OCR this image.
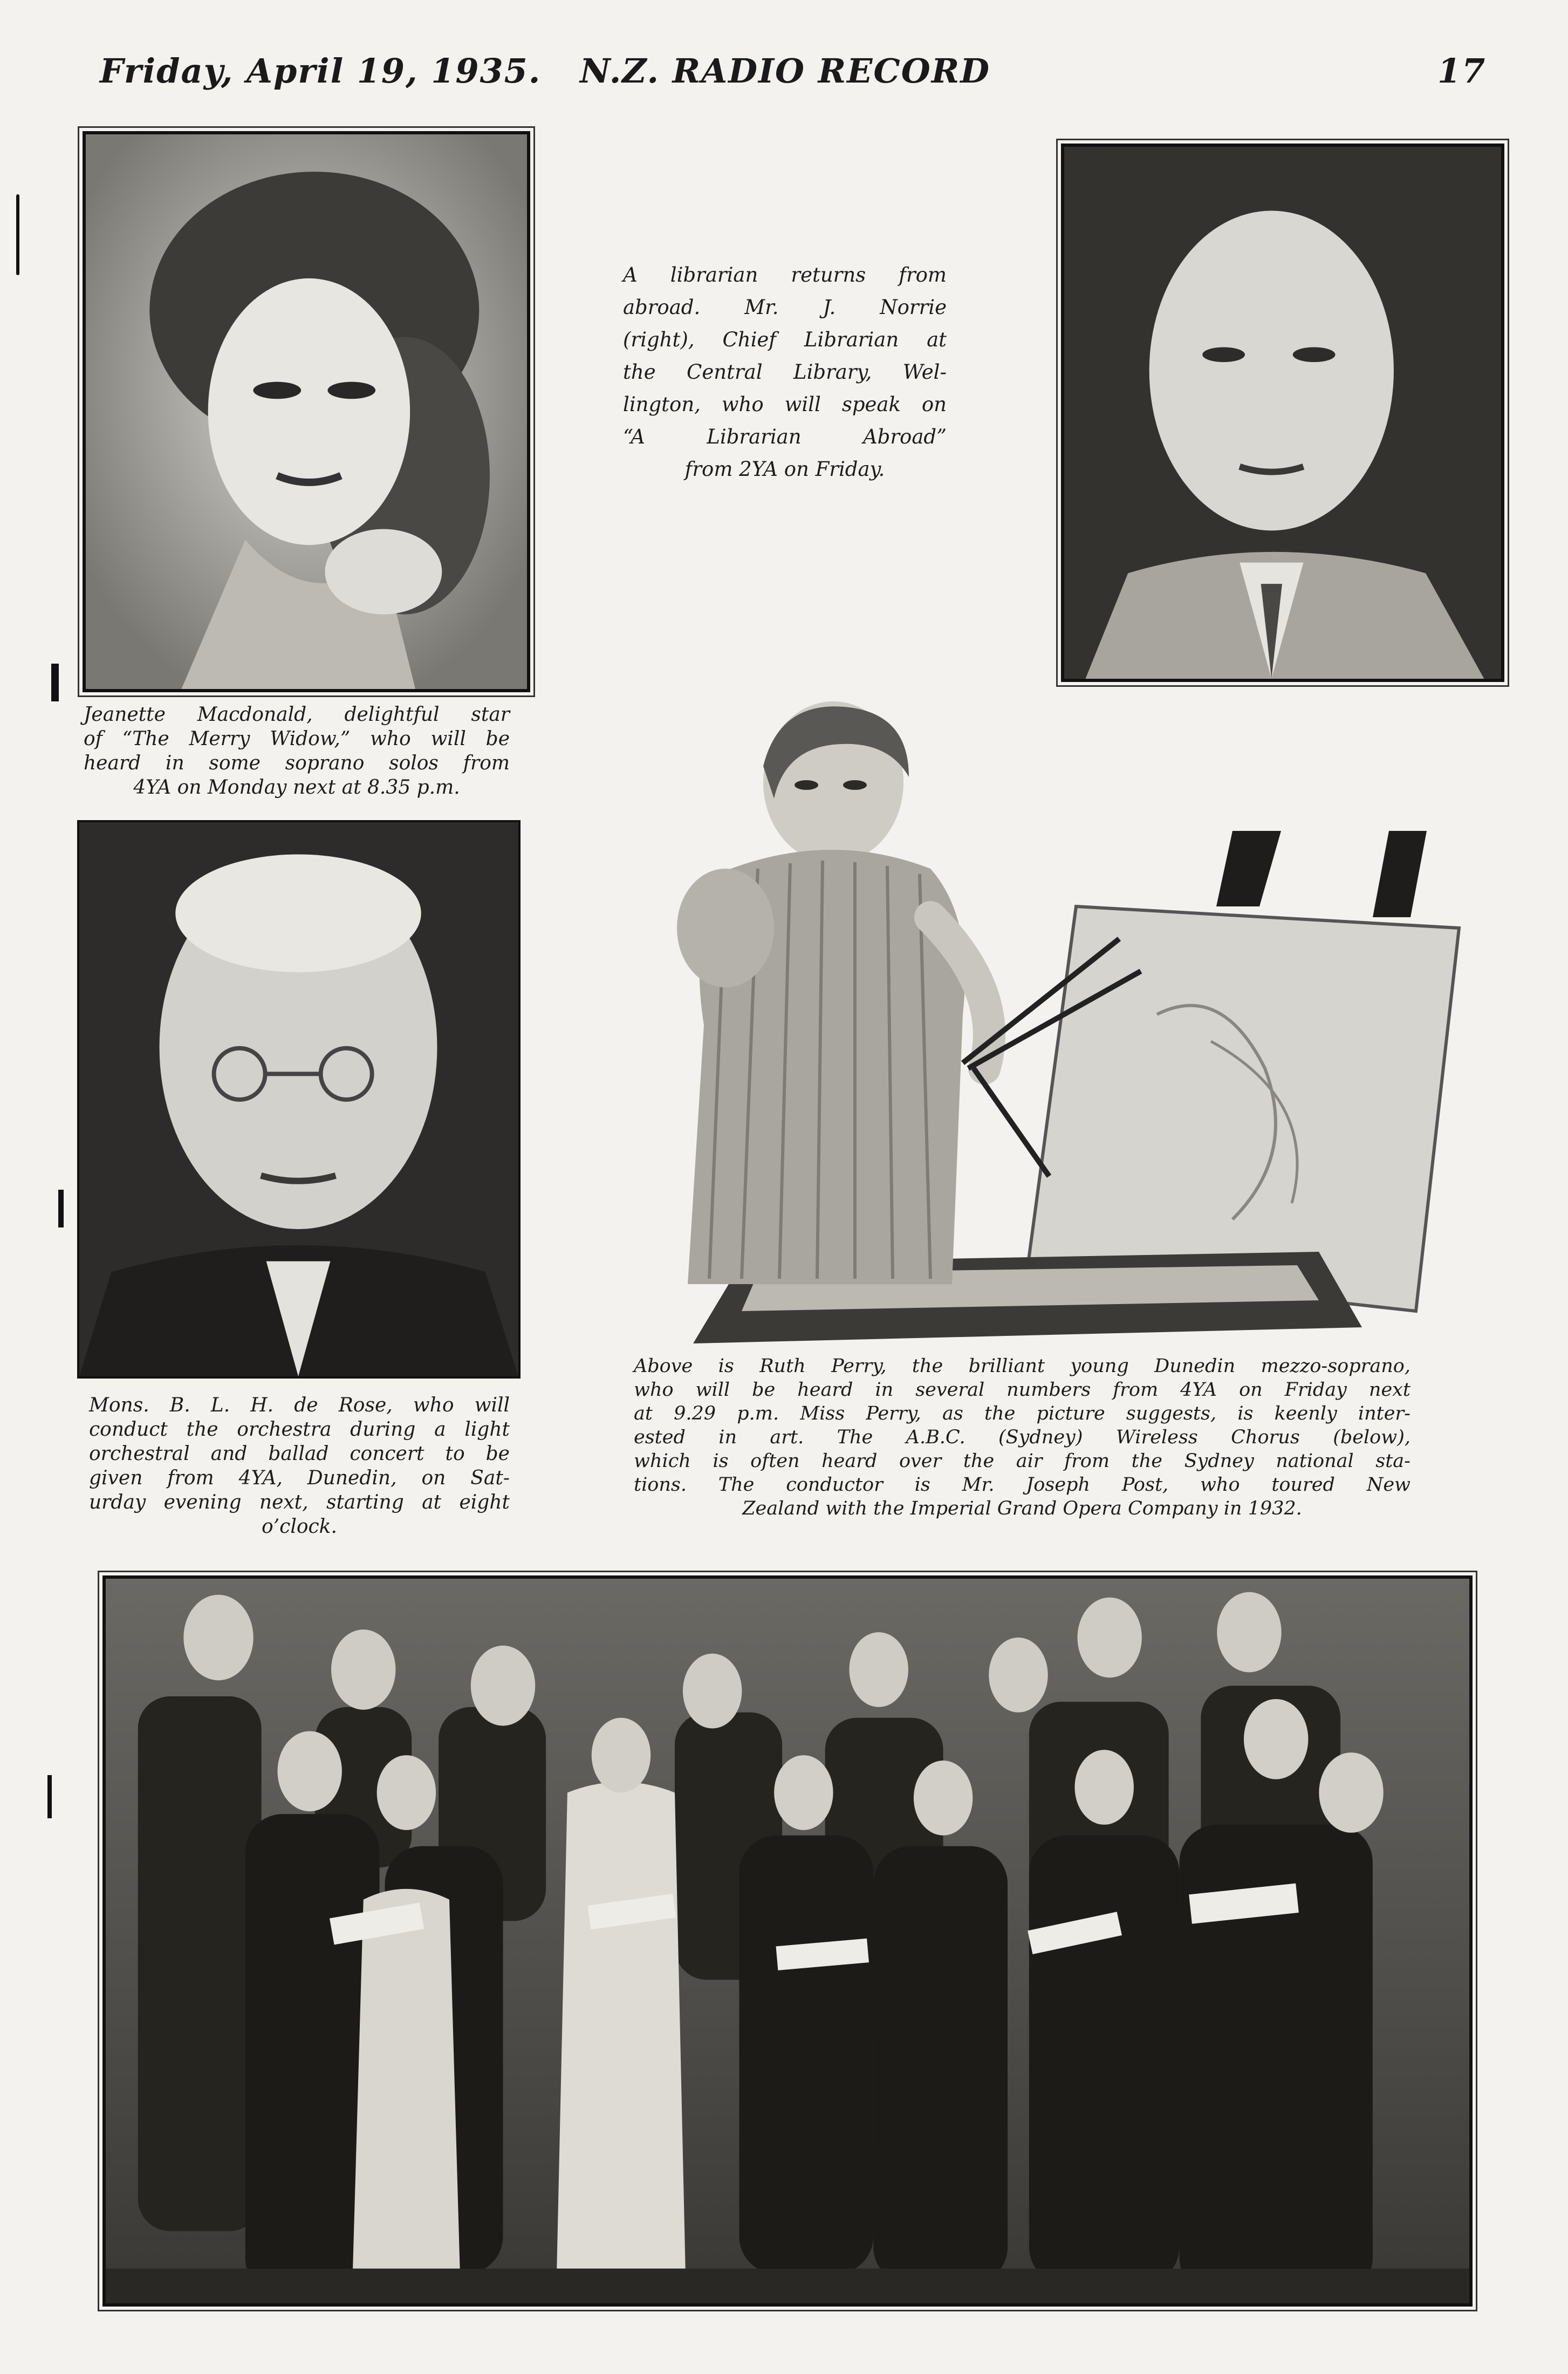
Friday, April 19, 1935. N.Z. RADIO RECORD	17
A librarian returns from
abroad. Mr. J. Norrie
(right), Chief Librarian at
the Central Library, Wel-
lington, who will speak on
“A Librarian Abroad”
from 2YA on Friday.
Jeanette Macdonald, delightful star
of “The Merry Widow,” who will be
heard in some soprano solos from
4YA on Monday next at 8.35 p.m.
Mons. B. L. H. de Rose, who will
conduct the orchestra during a light
orchestral and ballad concert to be
given from 4YA, Dunedin, on Sat-
urday evening next, starting at eight
o’clock.
Above is Ruth Perry, the brilliant young Dunedin mezzo-soprano,
who will be heard in several numbers from 4YA on Friday next
at 9.29 p.m. Miss Perry, as the picture suggests, is keenly inter-
ested in art. The A.B.C. (Sydney) Wireless Chorus (below),
which is often heard over the air from the Sydney national sta-
tions. The conductor is Mr. Joseph Post, who toured New
Zealand with the Imperial Grand Opera Company in 1932.
